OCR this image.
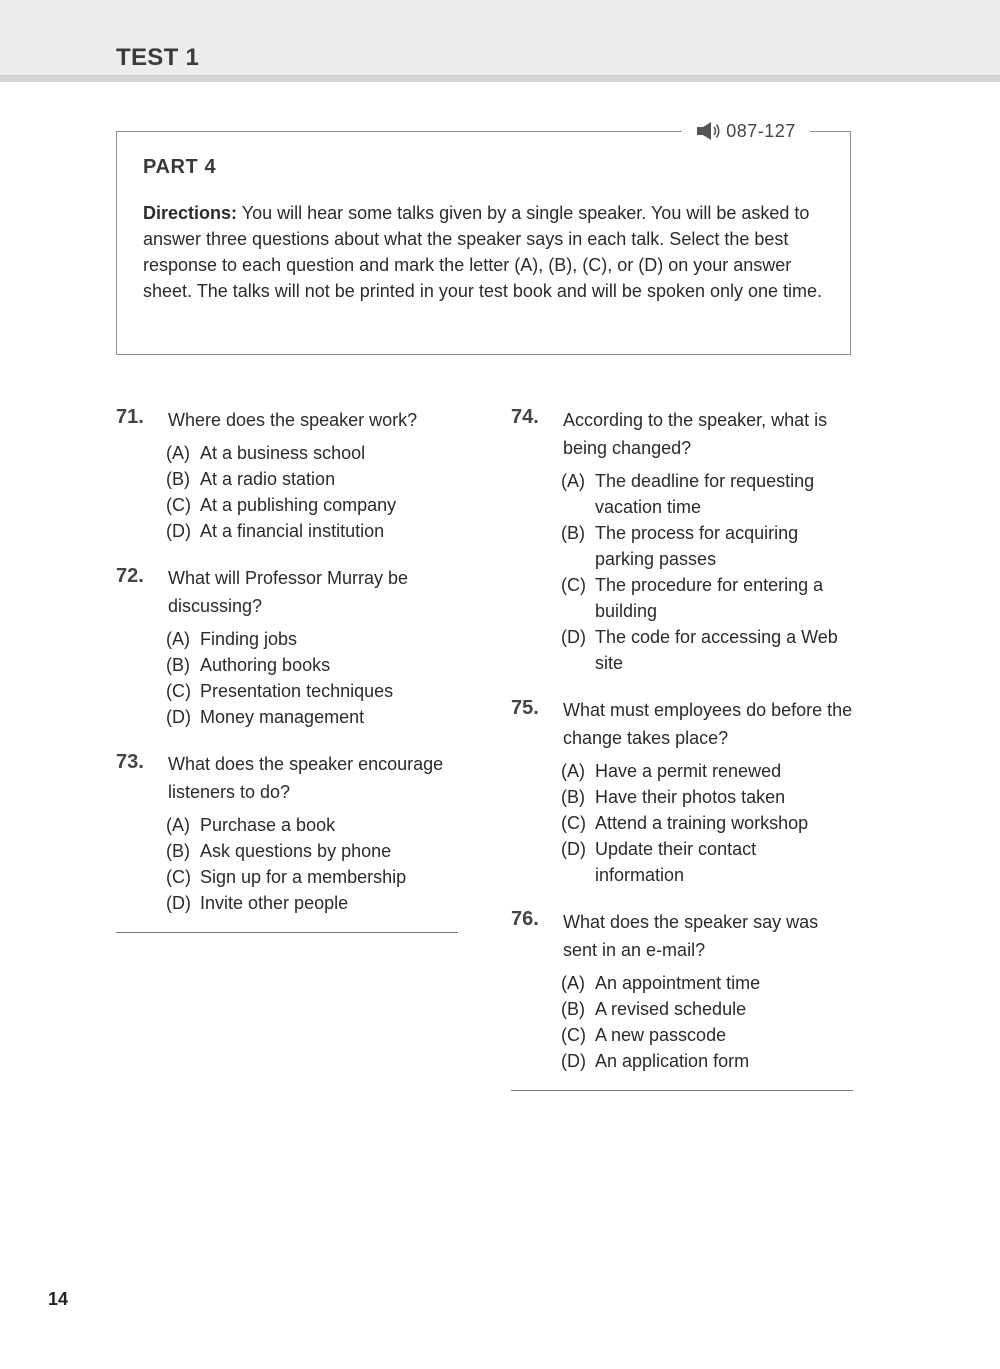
TEST 1
087-127
PART 4

Directions: You will hear some talks given by a single speaker. You will be asked to answer three questions about what the speaker says in each talk. Select the best response to each question and mark the letter (A), (B), (C), or (D) on your answer sheet. The talks will not be printed in your test book and will be spoken only one time.

71. Where does the speaker work?

(A) At a business school
(B) At a radio station
(C) At a publishing company
(D) At a financial institution
72. What will Professor Murray be discussing?

(A) Finding jobs
(B) Authoring books
(C) Presentation techniques
(D) Money management
73. What does the speaker encourage listeners to do?

(A) Purchase a book
(B) Ask questions by phone
(C) Sign up for a membership
(D) Invite other people
74. According to the speaker, what is being changed?

(A) The deadline for requesting vacation time
(B) The process for acquiring parking passes
(C) The procedure for entering a building
(D) The code for accessing a Web site
75. What must employees do before the change takes place?

(A) Have a permit renewed
(B) Have their photos taken
(C) Attend a training workshop
(D) Update their contact information
76. What does the speaker say was sent in an e-mail?

(A) An appointment time
(B) A revised schedule
(C) A new passcode
(D) An application form
14
